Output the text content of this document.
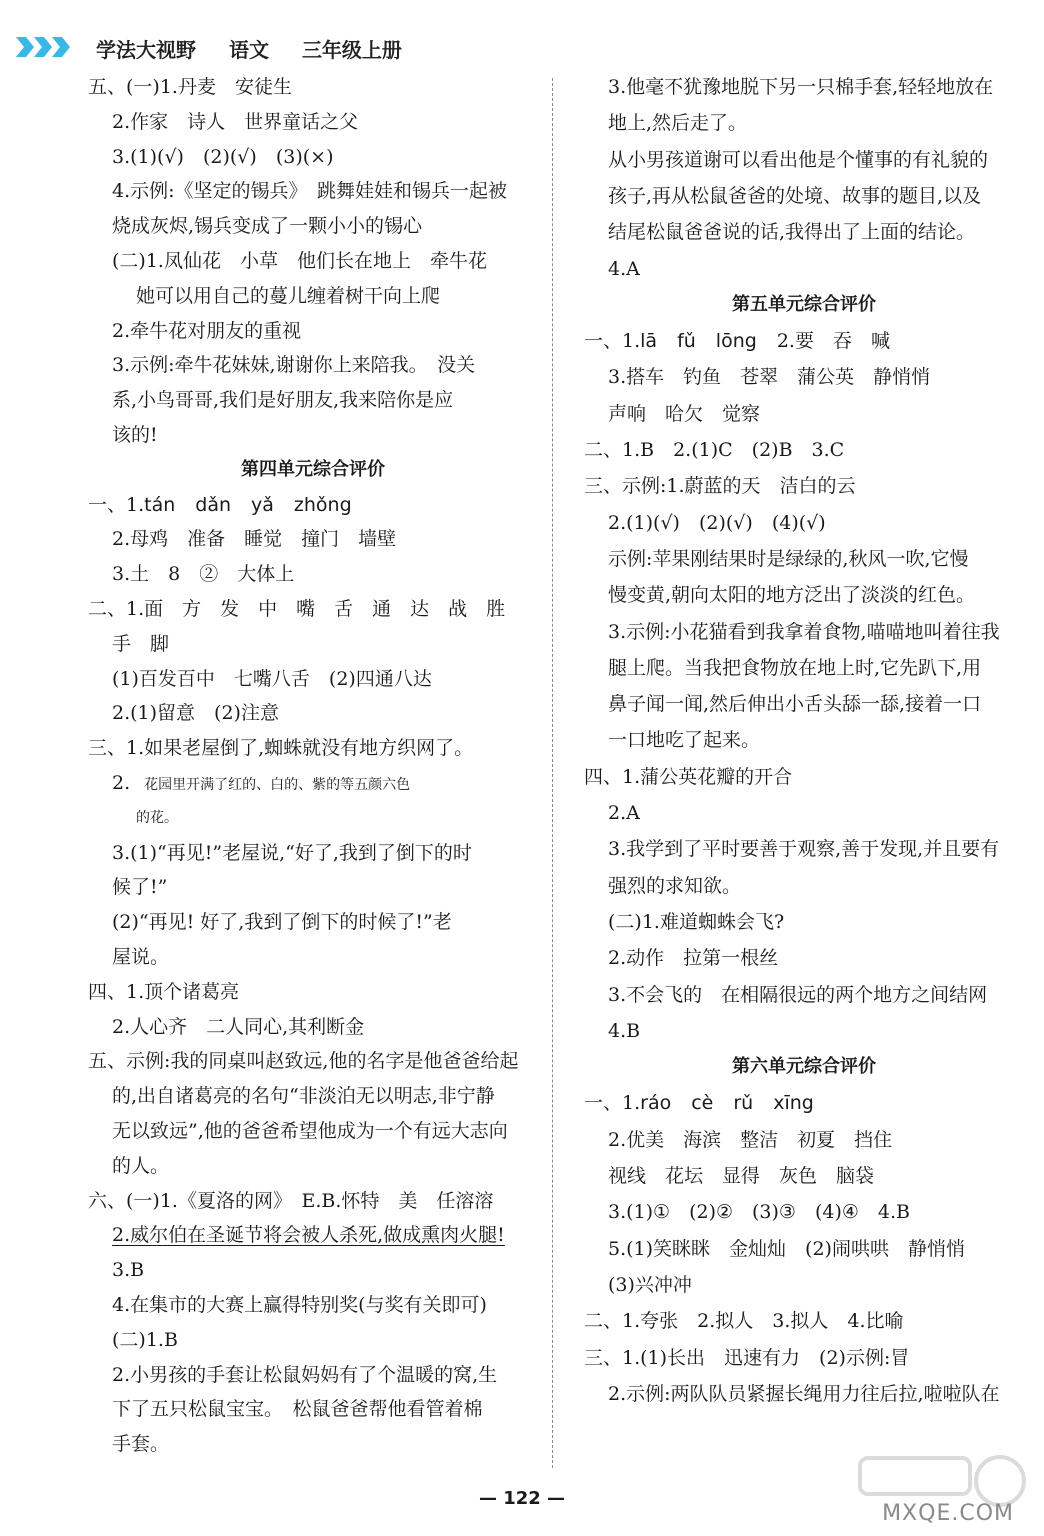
学法大视野 语文 三年级上册
五、(一)1.丹麦　安徒生
2.作家　诗人　世界童话之父
3.(1)(√)　(2)(√)　(3)(×)
4.示例:《坚定的锡兵》　跳舞娃娃和锡兵一起被
烧成灰烬,锡兵变成了一颗小小的锡心
(二)1.凤仙花　小草　他们长在地上　牵牛花
她可以用自己的蔓儿缠着树干向上爬
2.牵牛花对朋友的重视
3.示例:牵牛花妹妹,谢谢你上来陪我。　没关
系,小鸟哥哥,我们是好朋友,我来陪你是应
该的!
第四单元综合评价
一、1.tán dǎn yǎ zhǒng
2.母鸡　准备　睡觉　撞门　墙壁
3.土　8　②　大体上
二、1.面　方　发　中　嘴　舌　通　达　战　胜
手　脚
(1)百发百中　七嘴八舌　(2)四通八达
2.(1)留意　(2)注意
三、1.如果老屋倒了,蜘蛛就没有地方织网了。
2. 花园里开满了红的、白的、紫的等五颜六色
的花。
3.(1)“再见!”老屋说,“好了,我到了倒下的时
候了!”
(2)“再见! 好了,我到了倒下的时候了!”老
屋说。
四、1.顶个诸葛亮
2.人心齐　二人同心,其利断金
五、示例:我的同桌叫赵致远,他的名字是他爸爸给起
的,出自诸葛亮的名句“非淡泊无以明志,非宁静
无以致远”,他的爸爸希望他成为一个有远大志向
的人。
六、(一)1.《夏洛的网》　E.B.怀特　美　任溶溶
2.威尔伯在圣诞节将会被人杀死,做成熏肉火腿!
3.B
4.在集市的大赛上赢得特别奖(与奖有关即可)
(二)1.B
2.小男孩的手套让松鼠妈妈有了个温暖的窝,生
下了五只松鼠宝宝。　松鼠爸爸帮他看管着棉
手套。
3.他毫不犹豫地脱下另一只棉手套,轻轻地放在
地上,然后走了。
从小男孩道谢可以看出他是个懂事的有礼貌的
孩子,再从松鼠爸爸的处境、故事的题目,以及
结尾松鼠爸爸说的话,我得出了上面的结论。
4.A
第五单元综合评价
一、1.lā fǔ lōng 2.要　吞　喊
3.搭车　钓鱼　苍翠　蒲公英　静悄悄
声响　哈欠　觉察
二、1.B　2.(1)C　(2)B　3.C
三、示例:1.蔚蓝的天　洁白的云
2.(1)(√)　(2)(√)　(4)(√)
示例:苹果刚结果时是绿绿的,秋风一吹,它慢
慢变黄,朝向太阳的地方泛出了淡淡的红色。
3.示例:小花猫看到我拿着食物,喵喵地叫着往我
腿上爬。当我把食物放在地上时,它先趴下,用
鼻子闻一闻,然后伸出小舌头舔一舔,接着一口
一口地吃了起来。
四、1.蒲公英花瓣的开合
2.A
3.我学到了平时要善于观察,善于发现,并且要有
强烈的求知欲。
(二)1.难道蜘蛛会飞?
2.动作　拉第一根丝
3.不会飞的　在相隔很远的两个地方之间结网
4.B
第六单元综合评价
一、1.ráo cè rǔ xīng
2.优美　海滨　整洁　初夏　挡住
视线　花坛　显得　灰色　脑袋
3.(1)①　(2)②　(3)③　(4)④　4.B
5.(1)笑眯眯　金灿灿　(2)闹哄哄　静悄悄
(3)兴冲冲
二、1.夸张　2.拟人　3.拟人　4.比喻
三、1.(1)长出　迅速有力　(2)示例:冒
2.示例:两队队员紧握长绳用力往后拉,啦啦队在
— 122 —
MXQE.COM
